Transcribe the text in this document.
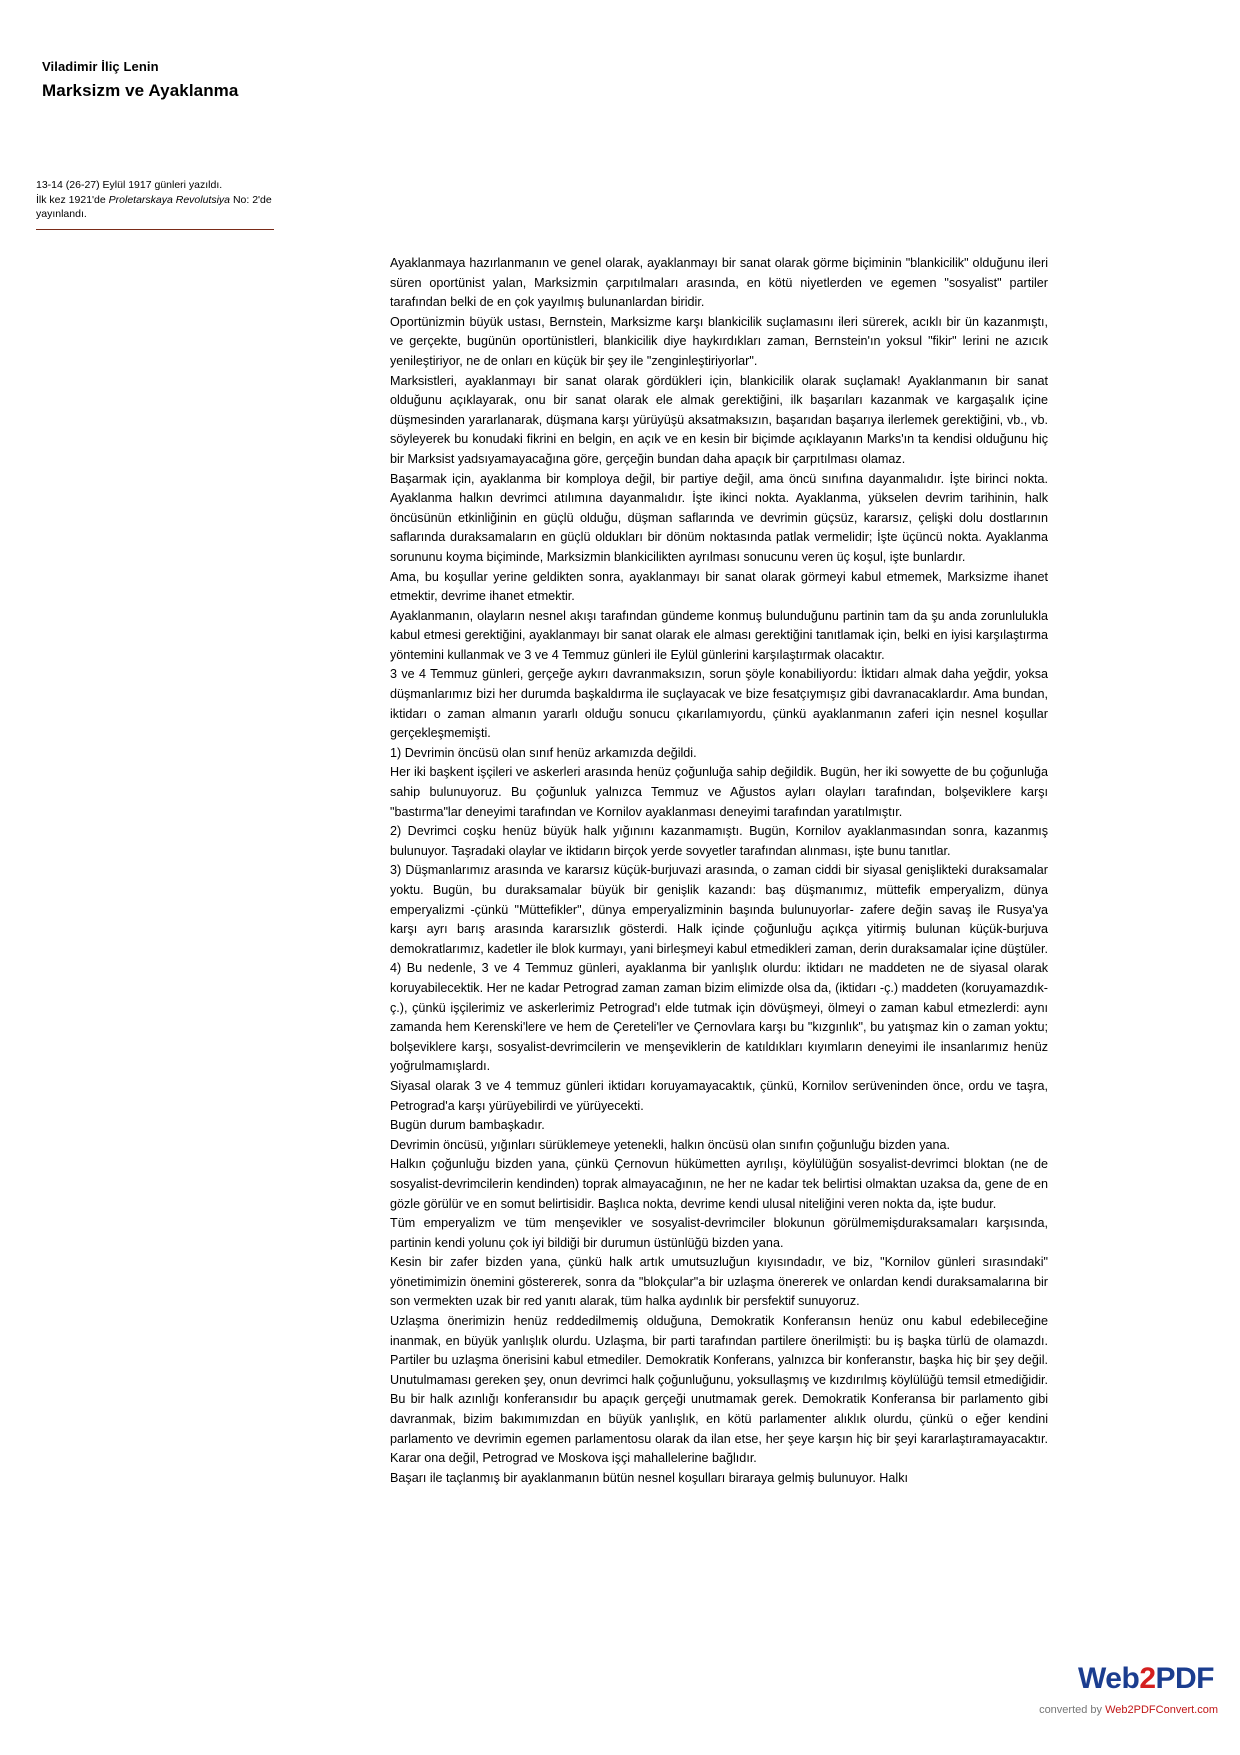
Viladimir İliç Lenin
Marksizm ve Ayaklanma

13-14 (26-27) Eylül 1917 günleri yazıldı.

İlk kez 1921'de Proletarskaya Revolutsiya No: 2'de

yayınlandı.

Ayaklanmaya hazırlanmanın ve genel olarak, ayaklanmayı bir sanat olarak görme biçiminin "blankicilik" olduğunu ileri süren oportünist yalan, Marksizmin çarpıtılmaları arasında, en kötü niyetlerden ve egemen "sosyalist" partiler tarafından belki de en çok yayılmış bulunanlardan biridir.

Oportünizmin büyük ustası, Bernstein, Marksizme karşı blankicilik suçlamasını ileri sürerek, acıklı bir ün kazanmıştı, ve gerçekte, bugünün oportünistleri, blankicilik diye haykırdıkları zaman, Bernstein'ın yoksul "fikir" lerini ne azıcık yenileştiriyor, ne de onları en küçük bir şey ile "zenginleştiriyorlar".

Marksistleri, ayaklanmayı bir sanat olarak gördükleri için, blankicilik olarak suçlamak! Ayaklanmanın bir sanat olduğunu açıklayarak, onu bir sanat olarak ele almak gerektiğini, ilk başarıları kazanmak ve kargaşalık içine düşmesinden yararlanarak, düşmana karşı yürüyüşü aksatmaksızın, başarıdan başarıya ilerlemek gerektiğini, vb., vb. söyleyerek bu konudaki fikrini en belgin, en açık ve en kesin bir biçimde açıklayanın Marks'ın ta kendisi olduğunu hiç bir Marksist yadsıyamayacağına göre, gerçeğin bundan daha apaçık bir çarpıtılması olamaz.

Başarmak için, ayaklanma bir komploya değil, bir partiye değil, ama öncü sınıfına dayanmalıdır. İşte birinci nokta. Ayaklanma halkın devrimci atılımına dayanmalıdır. İşte ikinci nokta. Ayaklanma, yükselen devrim tarihinin, halk öncüsünün etkinliğinin en güçlü olduğu, düşman saflarında ve devrimin güçsüz, kararsız, çelişki dolu dostlarının saflarında duraksamaların en güçlü oldukları bir dönüm noktasında patlak vermelidir; İşte üçüncü nokta. Ayaklanma sorununu koyma biçiminde, Marksizmin blankicilikten ayrılması sonucunu veren üç koşul, işte bunlardır.

Ama, bu koşullar yerine geldikten sonra, ayaklanmayı bir sanat olarak görmeyi kabul etmemek, Marksizme ihanet etmektir, devrime ihanet etmektir.

Ayaklanmanın, olayların nesnel akışı tarafından gündeme konmuş bulunduğunu partinin tam da şu anda zorunlulukla kabul etmesi gerektiğini, ayaklanmayı bir sanat olarak ele alması gerektiğini tanıtlamak için, belki en iyisi karşılaştırma yöntemini kullanmak ve 3 ve 4 Temmuz günleri ile Eylül günlerini karşılaştırmak olacaktır.

3 ve 4 Temmuz günleri, gerçeğe aykırı davranmaksızın, sorun şöyle konabiliyordu: İktidarı almak daha yeğdir, yoksa düşmanlarımız bizi her durumda başkaldırma ile suçlayacak ve bize fesatçıymışız gibi davranacaklardır. Ama bundan, iktidarı o zaman almanın yararlı olduğu sonucu çıkarılamıyordu, çünkü ayaklanmanın zaferi için nesnel koşullar gerçekleşmemişti.

1) Devrimin öncüsü olan sınıf henüz arkamızda değildi.

Her iki başkent işçileri ve askerleri arasında henüz çoğunluğa sahip değildik. Bugün, her iki sowyette de bu çoğunluğa sahip bulunuyoruz. Bu çoğunluk yalnızca Temmuz ve Ağustos ayları olayları tarafından, bolşeviklere karşı "bastırma"lar deneyimi tarafından ve Kornilov ayaklanması deneyimi tarafından yaratılmıştır.

2) Devrimci coşku henüz büyük halk yığınını kazanmamıştı. Bugün, Kornilov ayaklanmasından sonra, kazanmış bulunuyor. Taşradaki olaylar ve iktidarın birçok yerde sovyetler tarafından alınması, işte bunu tanıtlar.

3) Düşmanlarımız arasında ve kararsız küçük-burjuvazi arasında, o zaman ciddi bir siyasal genişlikteki duraksamalar yoktu. Bugün, bu duraksamalar büyük bir genişlik kazandı: baş düşmanımız, müttefik emperyalizm, dünya emperyalizmi -çünkü "Müttefikler", dünya emperyalizminin başında bulunuyorlar- zafere değin savaş ile Rusya'ya karşı ayrı barış arasında kararsızlık gösterdi. Halk içinde çoğunluğu açıkça yitirmiş bulunan küçük-burjuva demokratlarımız, kadetler ile blok kurmayı, yani birleşmeyi kabul etmedikleri zaman, derin duraksamalar içine düştüler.

4) Bu nedenle, 3 ve 4 Temmuz günleri, ayaklanma bir yanlışlık olurdu: iktidarı ne maddeten ne de siyasal olarak koruyabilecektik. Her ne kadar Petrograd zaman zaman bizim elimizde olsa da, (iktidarı -ç.) maddeten (koruyamazdık-ç.), çünkü işçilerimiz ve askerlerimiz Petrograd'ı elde tutmak için dövüşmeyi, ölmeyi o zaman kabul etmezlerdi: aynı zamanda hem Kerenski'lere ve hem de Çereteli'ler ve Çernovlara karşı bu "kızgınlık", bu yatışmaz kin o zaman yoktu; bolşeviklere karşı, sosyalist-devrimcilerin ve menşeviklerin de katıldıkları kıyımların deneyimi ile insanlarımız henüz yoğrulmamışlardı.

Siyasal olarak 3 ve 4 temmuz günleri iktidarı koruyamayacaktık, çünkü, Kornilov serüveninden önce, ordu ve taşra, Petrograd'a karşı yürüyebilirdi ve yürüyecekti.

Bugün durum bambaşkadır.

Devrimin öncüsü, yığınları sürüklemeye yetenekli, halkın öncüsü olan sınıfın çoğunluğu bizden yana.

Halkın çoğunluğu bizden yana, çünkü Çernovun hükümetten ayrılışı, köylülüğün sosyalist-devrimci bloktan (ne de sosyalist-devrimcilerin kendinden) toprak almayacağının, ne her ne kadar tek belirtisi olmaktan uzaksa da, gene de en gözle görülür ve en somut belirtisidir. Başlıca nokta, devrime kendi ulusal niteliğini veren nokta da, işte budur.

Tüm emperyalizm ve tüm menşevikler ve sosyalist-devrimciler blokunun görülmemişduraksamaları karşısında, partinin kendi yolunu çok iyi bildiği bir durumun üstünlüğü bizden yana.

Kesin bir zafer bizden yana, çünkü halk artık umutsuzluğun kıyısındadır, ve biz, "Kornilov günleri sırasındaki" yönetimimizin önemini göstererek, sonra da "blokçular"a bir uzlaşma önererek ve onlardan kendi duraksamalarına bir son vermekten uzak bir red yanıtı alarak, tüm halka aydınlık bir persfektif sunuyoruz.

Uzlaşma önerimizin henüz reddedilmemiş olduğuna, Demokratik Konferansın henüz onu kabul edebileceğine inanmak, en büyük yanlışlık olurdu. Uzlaşma, bir parti tarafından partilere önerilmişti: bu iş başka türlü de olamazdı. Partiler bu uzlaşma önerisini kabul etmediler. Demokratik Konferans, yalnızca bir konferanstır, başka hiç bir şey değil. Unutulmaması gereken şey, onun devrimci halk çoğunluğunu, yoksullaşmış ve kızdırılmış köylülüğü temsil etmediğidir. Bu bir halk azınlığı konferansıdır bu apaçık gerçeği unutmamak gerek. Demokratik Konferansa bir parlamento gibi davranmak, bizim bakımımızdan en büyük yanlışlık, en kötü parlamenter alıklık olurdu, çünkü o eğer kendini parlamento ve devrimin egemen parlamentosu olarak da ilan etse, her şeye karşın hiç bir şeyi kararlaştıramayacaktır. Karar ona değil, Petrograd ve Moskova işçi mahallelerine bağlıdır.

Başarı ile taçlanmış bir ayaklanmanın bütün nesnel koşulları biraraya gelmiş bulunuyor. Halkı

Web2PDF
converted by Web2PDFConvert.com
